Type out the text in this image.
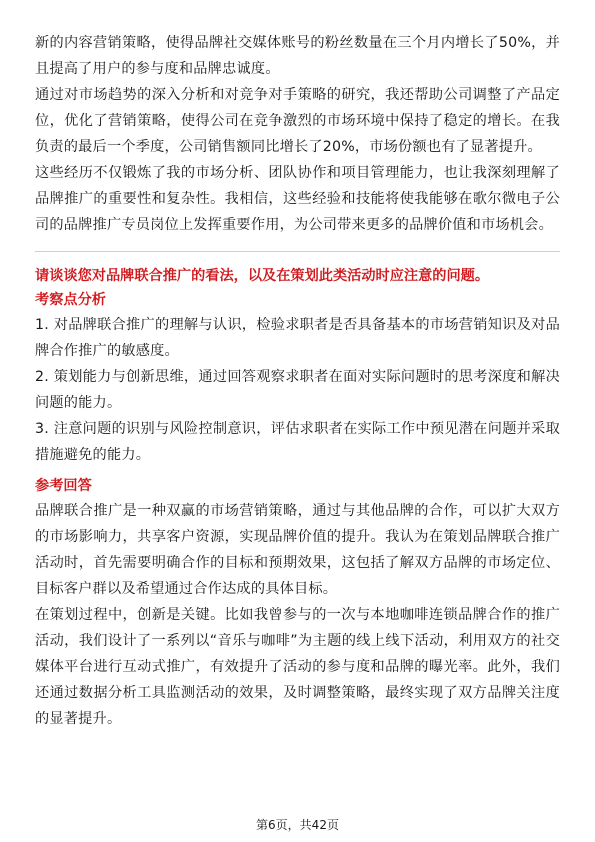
新的内容营销策略，使得品牌社交媒体账号的粉丝数量在三个月内增长了50%，并且提高了用户的参与度和品牌忠诚度。

通过对市场趋势的深入分析和对竞争对手策略的研究，我还帮助公司调整了产品定位，优化了营销策略，使得公司在竞争激烈的市场环境中保持了稳定的增长。在我负责的最后一个季度，公司销售额同比增长了20%，市场份额也有了显著提升。

这些经历不仅锻炼了我的市场分析、团队协作和项目管理能力，也让我深刻理解了品牌推广的重要性和复杂性。我相信，这些经验和技能将使我能够在歌尔微电子公司的品牌推广专员岗位上发挥重要作用，为公司带来更多的品牌价值和市场机会。

请谈谈您对品牌联合推广的看法，以及在策划此类活动时应注意的问题。

考察点分析

1. 对品牌联合推广的理解与认识，检验求职者是否具备基本的市场营销知识及对品牌合作推广的敏感度。

2. 策划能力与创新思维，通过回答观察求职者在面对实际问题时的思考深度和解决问题的能力。

3. 注意问题的识别与风险控制意识，评估求职者在实际工作中预见潜在问题并采取措施避免的能力。

参考回答

品牌联合推广是一种双赢的市场营销策略，通过与其他品牌的合作，可以扩大双方的市场影响力，共享客户资源，实现品牌价值的提升。我认为在策划品牌联合推广活动时，首先需要明确合作的目标和预期效果，这包括了解双方品牌的市场定位、目标客户群以及希望通过合作达成的具体目标。

在策划过程中，创新是关键。比如我曾参与的一次与本地咖啡连锁品牌合作的推广活动，我们设计了一系列以“音乐与咖啡”为主题的线上线下活动，利用双方的社交媒体平台进行互动式推广，有效提升了活动的参与度和品牌的曝光率。此外，我们还通过数据分析工具监测活动的效果，及时调整策略，最终实现了双方品牌关注度的显著提升。

第6页，共42页
